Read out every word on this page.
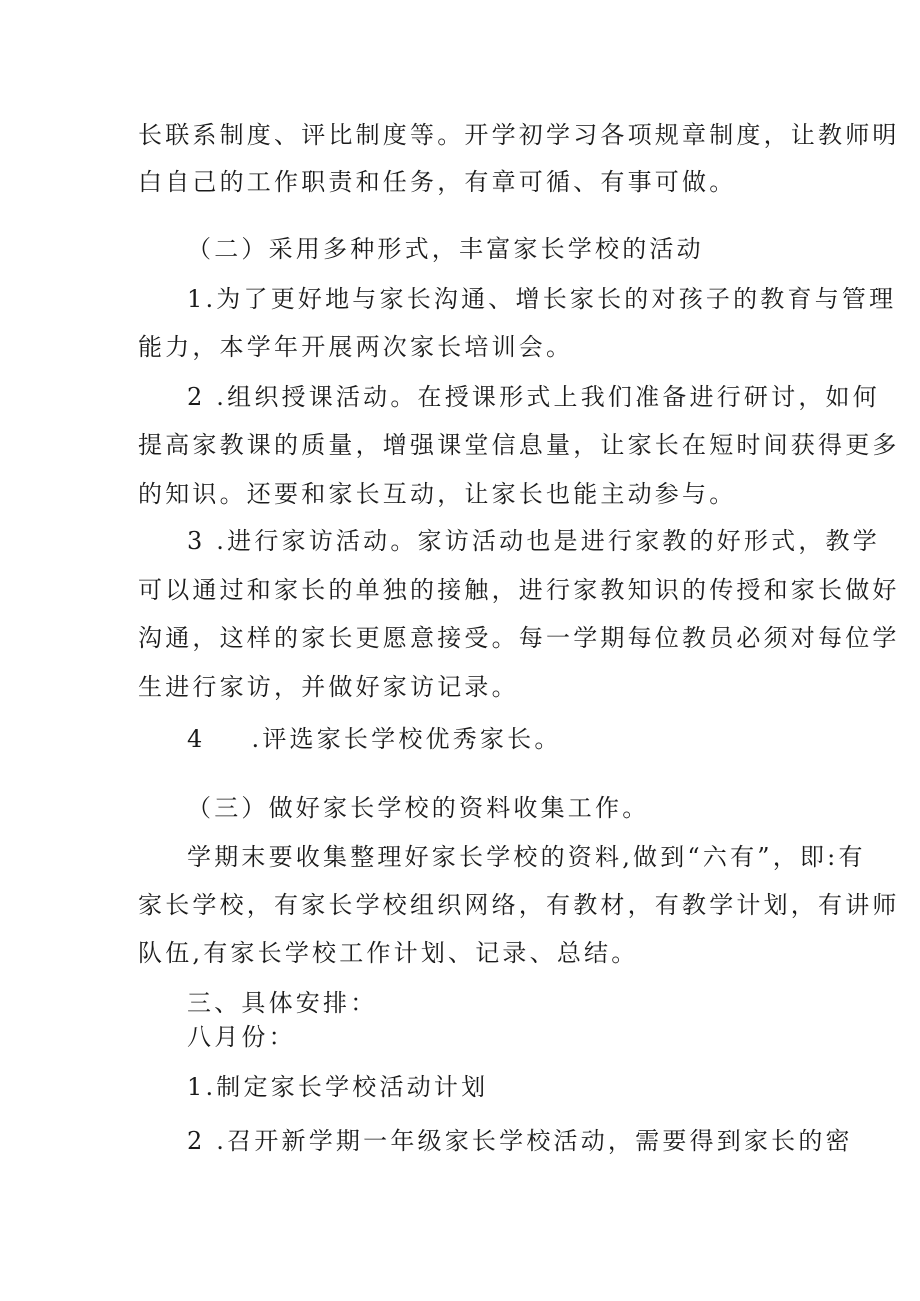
长联系制度、评比制度等。开学初学习各项规章制度，让教师明
白自己的工作职责和任务，有章可循、有事可做。
（二）采用多种形式，丰富家长学校的活动
1.为了更好地与家长沟通、增长家长的对孩子的教育与管理
能力，本学年开展两次家长培训会。
2 .组织授课活动。在授课形式上我们准备进行研讨，如何
提高家教课的质量，增强课堂信息量，让家长在短时间获得更多
的知识。还要和家长互动，让家长也能主动参与。
3 .进行家访活动。家访活动也是进行家教的好形式，教学
可以通过和家长的单独的接触，进行家教知识的传授和家长做好
沟通，这样的家长更愿意接受。每一学期每位教员必须对每位学
生进行家访，并做好家访记录。
4 .评选家长学校优秀家长。
（三）做好家长学校的资料收集工作。
学期末要收集整理好家长学校的资料,做到“六有”，即:有
家长学校，有家长学校组织网络，有教材，有教学计划，有讲师
队伍,有家长学校工作计划、记录、总结。
三、具体安排：
八月份：
1.制定家长学校活动计划
2 .召开新学期一年级家长学校活动，需要得到家长的密
